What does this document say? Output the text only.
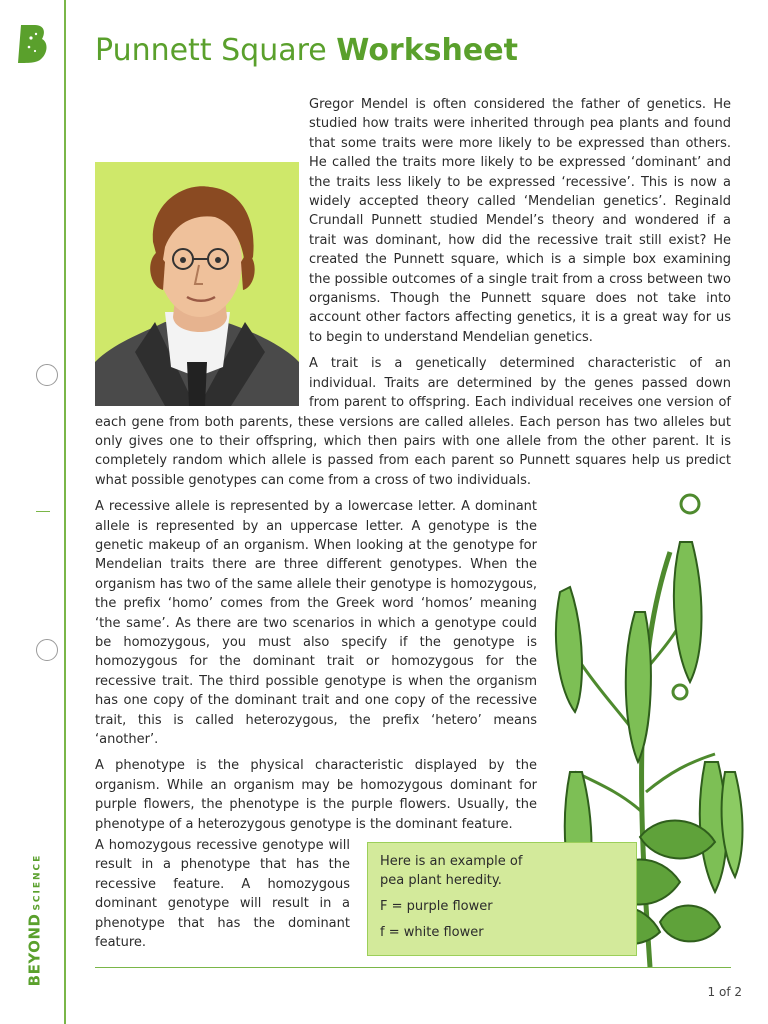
BEYONDSCIENCE
Punnett Square Worksheet

Gregor Mendel is often considered the father of genetics. He studied how traits were inherited through pea plants and found that some traits were more likely to be expressed than others. He called the traits more likely to be expressed ‘dominant’ and the traits less likely to be expressed ‘recessive’. This is now a widely accepted theory called ‘Mendelian genetics’. Reginald Crundall Punnett studied Mendel’s theory and wondered if a trait was dominant, how did the recessive trait still exist? He created the Punnett square, which is a simple box examining the possible outcomes of a single trait from a cross between two organisms. Though the Punnett square does not take into account other factors affecting genetics, it is a great way for us to begin to understand Mendelian genetics.

A trait is a genetically determined characteristic of an individual. Traits are determined by the genes passed down from parent to offspring. Each individual receives one version of each gene from both parents, these versions are called alleles. Each person has two alleles but only gives one to their offspring, which then pairs with one allele from the other parent. It is completely random which allele is passed from each parent so Punnett squares help us predict what possible genotypes can come from a cross of two individuals.

A recessive allele is represented by a lowercase letter. A dominant allele is represented by an uppercase letter. A genotype is the genetic makeup of an organism. When looking at the genotype for Mendelian traits there are three different genotypes. When the organism has two of the same allele their genotype is homozygous, the prefix ‘homo’ comes from the Greek word ‘homos’ meaning ‘the same’. As there are two scenarios in which a genotype could be homozygous, you must also specify if the genotype is homozygous for the dominant trait or homozygous for the recessive trait. The third possible genotype is when the organism has one copy of the dominant trait and one copy of the recessive trait, this is called heterozygous, the prefix ‘hetero’ means ‘another’.

A phenotype is the physical characteristic displayed by the organism. While an organism may be homozygous dominant for purple flowers, the phenotype is the purple flowers. Usually, the phenotype of a heterozygous genotype is the dominant feature.

A homozygous recessive genotype will result in a phenotype that has the recessive feature. A homozygous dominant genotype will result in a phenotype that has the dominant feature.

Here is an example of pea plant heredity.
F = purple flower
f = white flower
1 of 2
